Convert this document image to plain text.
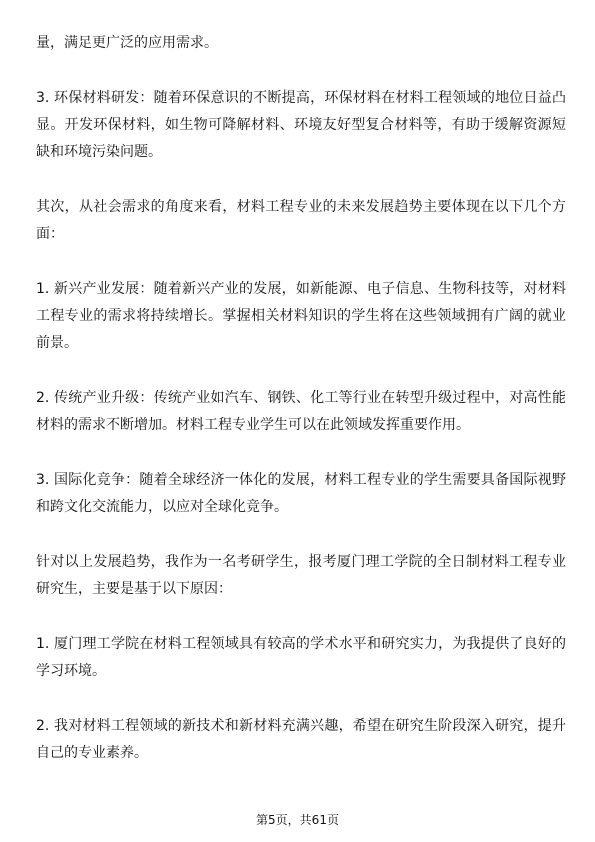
量，满足更广泛的应用需求。

3. 环保材料研发：随着环保意识的不断提高，环保材料在材料工程领域的地位日益凸显。开发环保材料，如生物可降解材料、环境友好型复合材料等，有助于缓解资源短缺和环境污染问题。

其次，从社会需求的角度来看，材料工程专业的未来发展趋势主要体现在以下几个方面：

1. 新兴产业发展：随着新兴产业的发展，如新能源、电子信息、生物科技等，对材料工程专业的需求将持续增长。掌握相关材料知识的学生将在这些领域拥有广阔的就业前景。

2. 传统产业升级：传统产业如汽车、钢铁、化工等行业在转型升级过程中，对高性能材料的需求不断增加。材料工程专业学生可以在此领域发挥重要作用。

3. 国际化竞争：随着全球经济一体化的发展，材料工程专业的学生需要具备国际视野和跨文化交流能力，以应对全球化竞争。

针对以上发展趋势，我作为一名考研学生，报考厦门理工学院的全日制材料工程专业研究生，主要是基于以下原因：

1. 厦门理工学院在材料工程领域具有较高的学术水平和研究实力，为我提供了良好的学习环境。

2. 我对材料工程领域的新技术和新材料充满兴趣，希望在研究生阶段深入研究，提升自己的专业素养。

第5页，共61页
